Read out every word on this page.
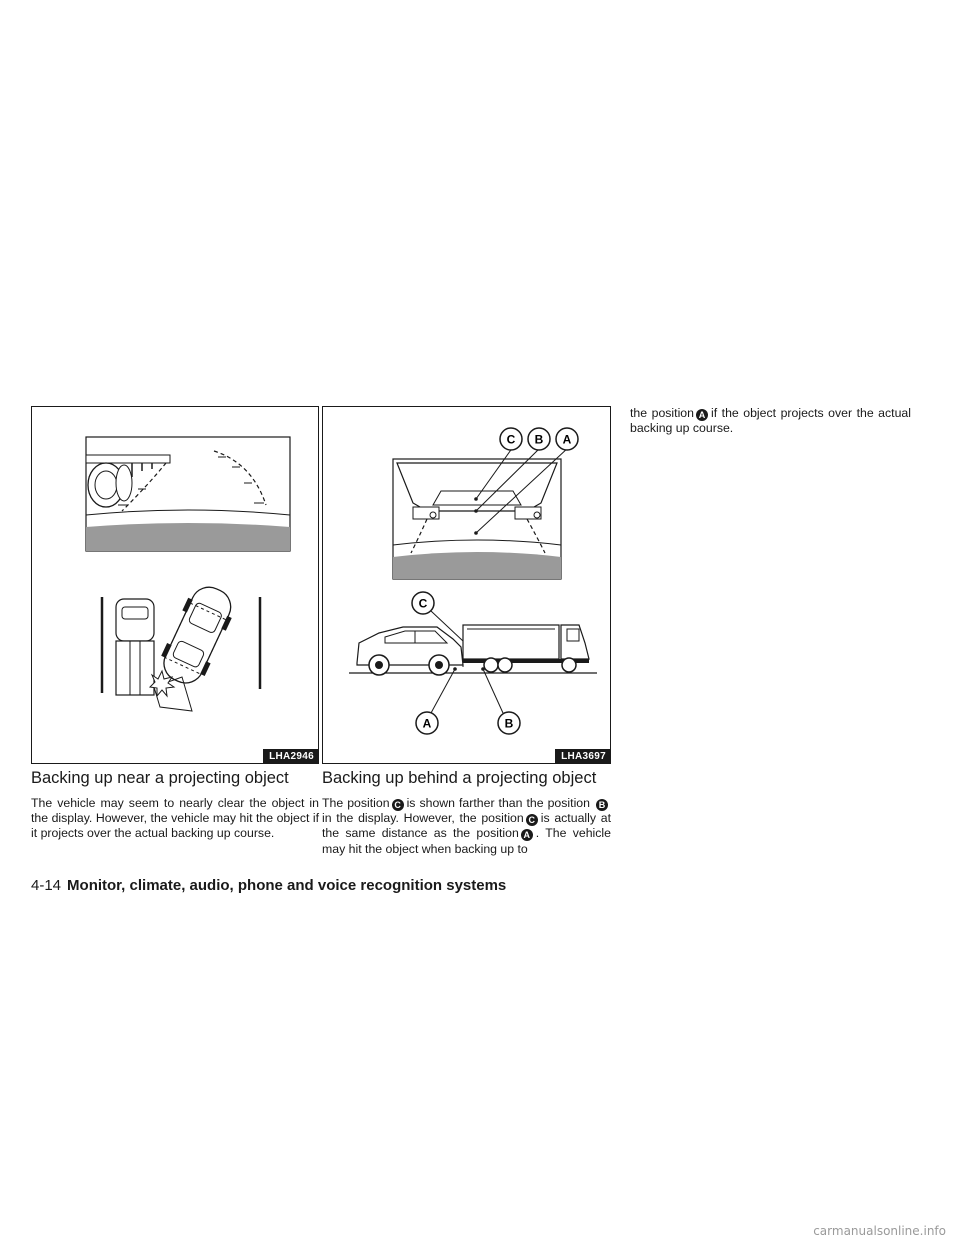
LHA2946
C B A
C
A	B
LHA3697
Backing up near a projecting object

The vehicle may seem to nearly clear the object in the display. However, the vehicle may hit the object if it projects over the actual backing up course.

Backing up behind a projecting object

The position C is shown farther than the position Bin the display. However, the position C is actually at the same distance as the position A . The vehicle may hit the object when backing up to

the position A if the object projects over the actual backing up course.

4-14 Monitor, climate, audio, phone and voice recognition systems
carmanualsonline.info
